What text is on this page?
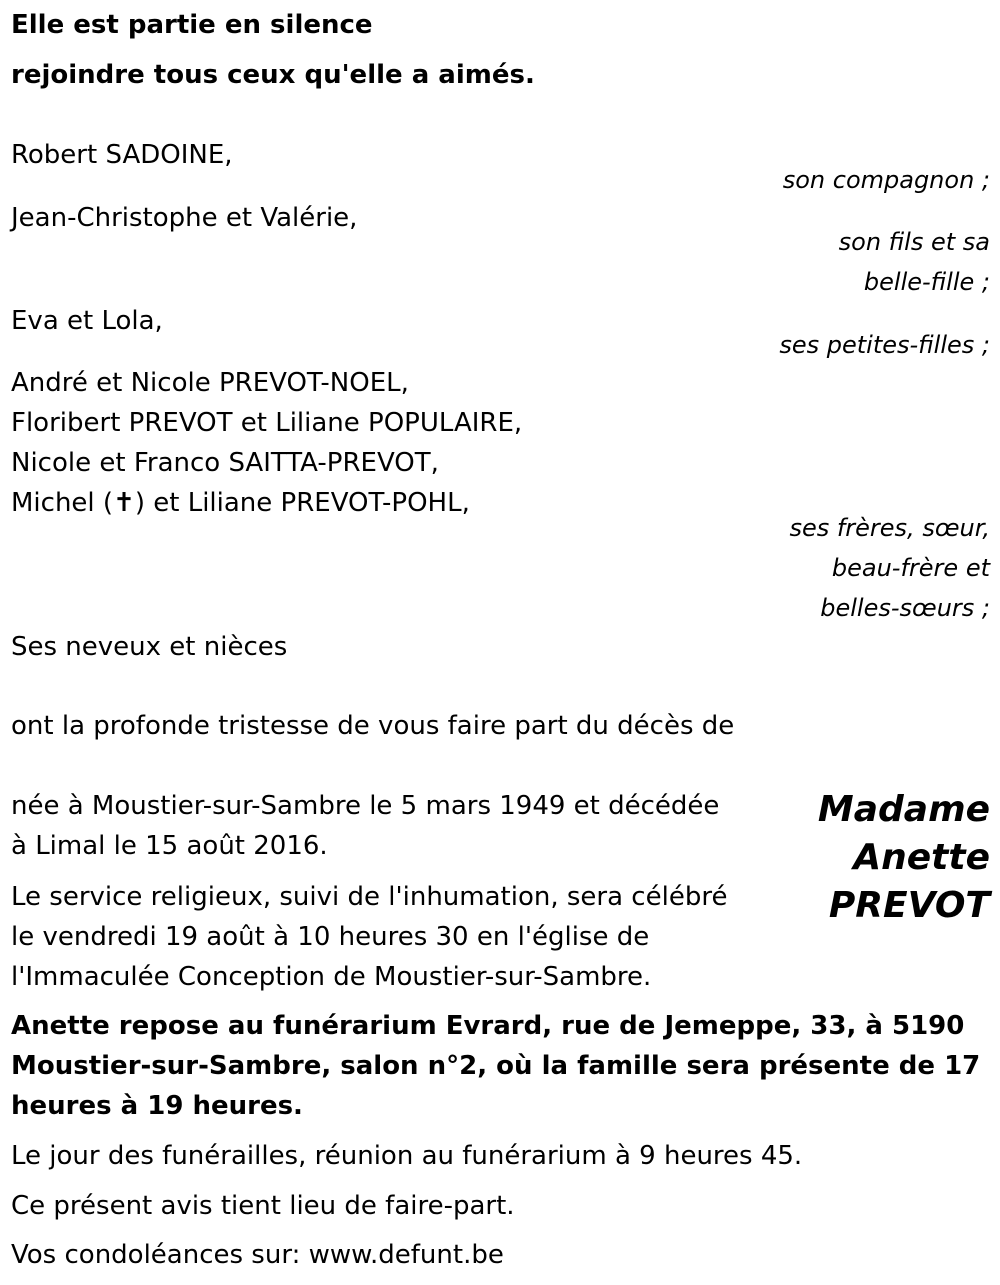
Elle est partie en silence
rejoindre tous ceux qu'elle a aimés.
Robert SADOINE,
son compagnon ;
Jean-Christophe et Valérie,
son fils et sa
belle-fille ;
Eva et Lola,
ses petites-filles ;
André et Nicole PREVOT-NOEL,
Floribert PREVOT et Liliane POPULAIRE,
Nicole et Franco SAITTA-PREVOT,
Michel (✝) et Liliane PREVOT-POHL,
ses frères, sœur,
beau-frère et
belles-sœurs ;
Ses neveux et nièces
ont la profonde tristesse de vous faire part du décès de
Madame
Anette
PREVOT
née à Moustier-sur-Sambre le 5 mars 1949 et décédée
à Limal le 15 août 2016.
Le service religieux, suivi de l'inhumation, sera célébré
le vendredi 19 août à 10 heures 30 en l'église de
l'Immaculée Conception de Moustier-sur-Sambre.
Anette repose au funérarium Evrard, rue de Jemeppe, 33, à 5190
Moustier-sur-Sambre, salon n°2, où la famille sera présente de 17
heures à 19 heures.
Le jour des funérailles, réunion au funérarium à 9 heures 45.
Ce présent avis tient lieu de faire-part.
Vos condoléances sur: www.defunt.be
